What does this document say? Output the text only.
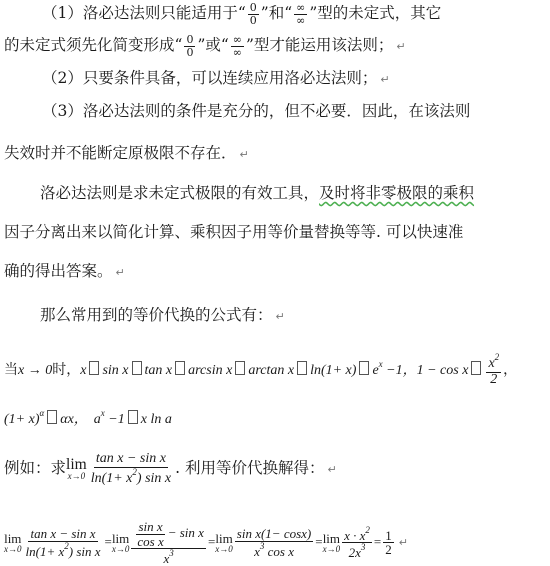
（1）洛必达法则只能适用于“ $\frac{0}{0}$ ”和“ $\frac{\infty}{\infty}$ ”型的未定式，其它
的未定式须先化简变形成“ $\frac{0}{0}$ ”或“ $\frac{\infty}{\infty}$ ”型才能运用该法则； ↵
（2）只要条件具备，可以连续应用洛必达法则； ↵
（3）洛必达法则的条件是充分的，但不必要．因此，在该法则
失效时并不能断定原极限不存在． ↵
洛必达法则是求未定式极限的有效工具，及时将非零极限的乘积
因子分离出来以简化计算、乘积因子用等价量替换等等. 可以快速准
确的得出答案。 ↵
那么常用到的等价代换的公式有： ↵
当x → 0时，x sin x tan x arcsin x arctan x ln(1+ x) $e^x -1$，1 − cos x $\frac{x^2}{2}$ ，
$(1+ x)^\alpha$ αx， $a^x -1$ x ln a
例如：求 lim
$x\to 0 \frac{\text{tan x − sin x}}{\ln(1+ x^2) \sin x}$ . 利用等价代换解得： ↵
lim
$x\to 0 \frac{\text{tan x − sin x}}{\ln(1+ x^2) \sin x} = \lim$
$x\to 0 \frac{\frac{\text{sin x}}{\text{cos x}} - \sin x}{x^3} = \lim$
$x\to 0 \frac{\text{sin x(1− cosx)}}{x^3 \cos x} = \lim$
$x\to 0 \frac{x \cdot x^2}{2x^3} = \frac{1}{2}$ ↵
